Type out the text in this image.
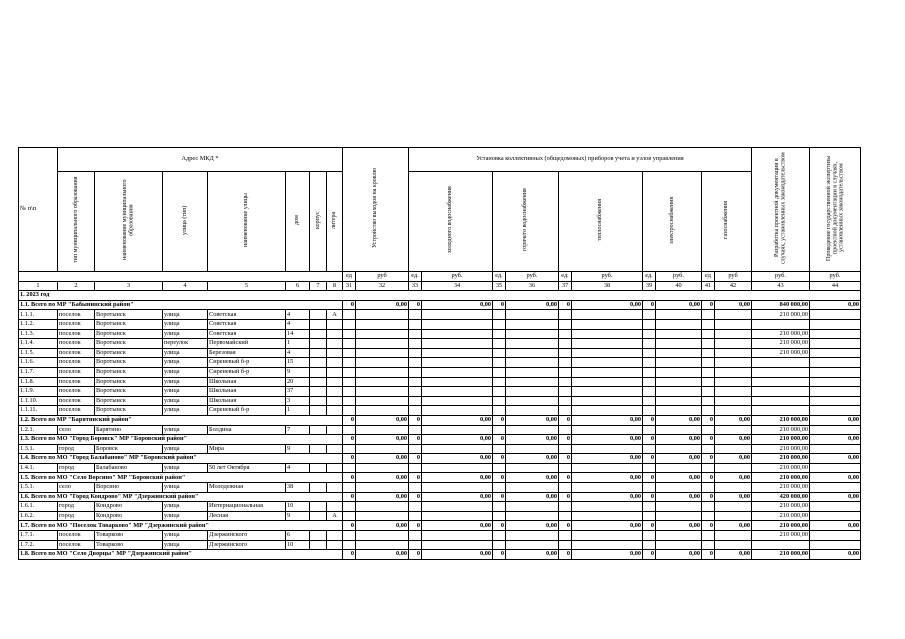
№ п\п	Адрес МКД *							Устройство выходов на кровлю		Установка коллективных (общедомовых) приборов учета и узлов управления										Разработка проектной документации в случаях, установленных законодательством	Проведение государственной экспертизы проектной документации в случаях, установленных законодательством
	тип муниципального образования	наименование муниципального образования	улица (тип)	наименование улицы	дом	корпус	литера			холодного водоснабжения		горячего водоснабжения		теплоснабжения		электроснабжения		газоснабжения			
								ед	руб	ед.	руб.	ед.	руб.	ед.	руб.	ед.	руб.	ед	руб	руб.	руб.
1	2	3	4	5	6	7	8	31	32	33	34	35	36	37	38	39	40	41	42	43	44
1. 2023 год																					
1.1. Всего по МР "Бабынинский район"								0	0,00	0	0,00	0	0,00	0	0,00	0	0,00	0	0,00	840 000,00	0,00
1.1.1.	поселок	Воротынск	улица	Советская	4		А													210 000,00	
1.1.2.	поселок	Воротынск	улица	Советская	4																
1.1.3.	поселок	Воротынск	улица	Советская	14															210 000,00	
1.1.4.	поселок	Воротынск	переулок	Первомайский	1															210 000,00	
1.1.5.	поселок	Воротынск	улица	Березовая	4															210 000,00	
1.1.6.	поселок	Воротынск	улица	Сиреневый б-р	15																
1.1.7.	поселок	Воротынск	улица	Сиреневый б-р	9																
1.1.8.	поселок	Воротынск	улица	Школьная	20																
1.1.9.	поселок	Воротынск	улица	Школьная	37																
1.1.10.	поселок	Воротынск	улица	Школьная	3																
1.1.11.	поселок	Воротынск	улица	Сиреневый б-р	1																
1.2. Всего по МР "Барятинский район"								0	0,00	0	0,00	0	0,00	0	0,00	0	0,00	0	0,00	210 000,00	0,00
1.2.1.	село	Барятино	улица	Болдина	7															210 000,00	
1.3. Всего по МО "Город Боровск" МР "Боровский район"								0	0,00	0	0,00	0	0,00	0	0,00	0	0,00	0	0,00	210 000,00	0,00
1.3.1.	город	Боровск	улица	Мира	9															210 000,00	
1.4. Всего по МО "Город Балабаново" МР "Боровский район"								0	0,00	0	0,00	0	0,00	0	0,00	0	0,00	0	0,00	210 000,00	0,00
1.4.1.	город	Балабаново	улица	50 лет Октября	4															210 000,00	
1.5. Всего по МО "Село Ворсино" МР "Боровский район"								0	0,00	0	0,00	0	0,00	0	0,00	0	0,00	0	0,00	210 000,00	0,00
1.5.1.	село	Ворсино	улица	Молодежная	38															210 000,00	
1.6. Всего по МО "Город Кондрово" МР "Дзержинский район"								0	0,00	0	0,00	0	0,00	0	0,00	0	0,00	0	0,00	420 000,00	0,00
1.6.1.	город	Кондрово	улица	Интернациональная	10															210 000,00	
1.6.2.	город	Кондрово	улица	Лесная	9		А													210 000,00	
1.7. Всего по МО "Поселок Товарково" МР "Дзержинский район"								0	0,00	0	0,00	0	0,00	0	0,00	0	0,00	0	0,00	210 000,00	0,00
1.7.1.	поселок	Товарково	улица	Дзержинского	6															210 000,00	
1.7.2.	поселок	Товарково	улица	Дзержинского	10																
1.8. Всего по МО "Село Дворцы" МР "Дзержинский район"								0	0,00	0	0,00	0	0,00	0	0,00	0	0,00	0	0,00	210 000,00	0,00
